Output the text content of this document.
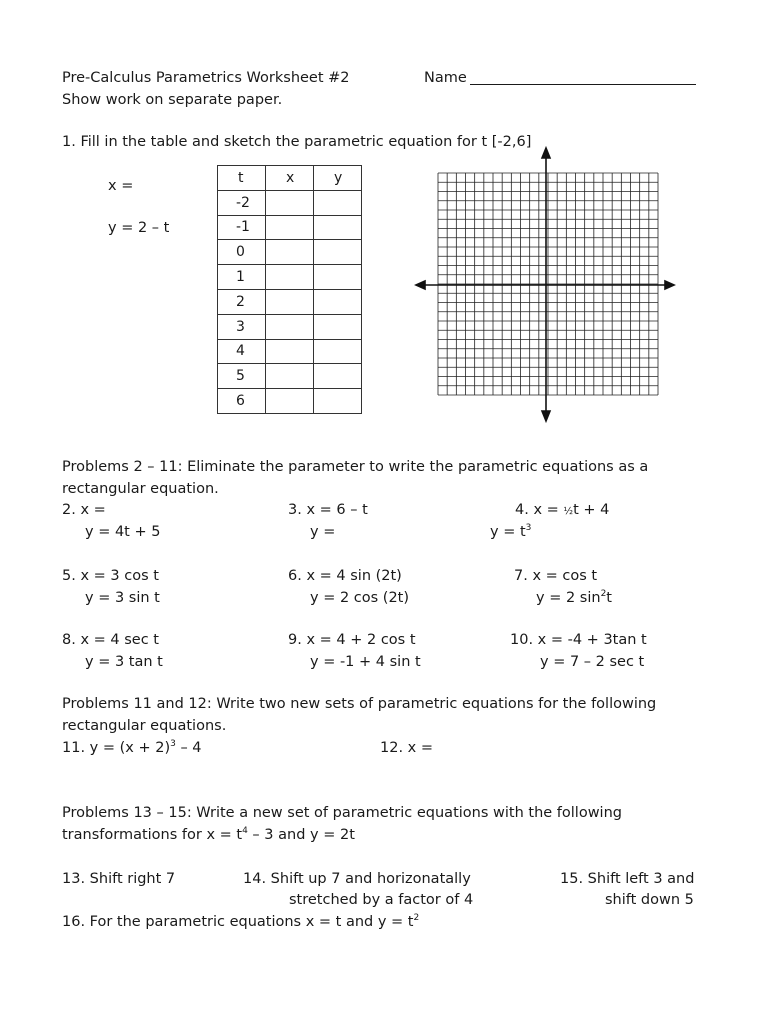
Pre-Calculus Parametrics Worksheet #2	Name
Show work on separate paper.
1. Fill in the table and sketch the parametric equation for t [-2,6]
x =
y = 2 – t
t	x	y
-2		
-1		
0		
1		
2		
3		
4		
5		
6		
Problems 2 – 11: Eliminate the parameter to write the parametric equations as a
rectangular equation.
2. x =
y = 4t + 5
3. x = 6 – t
y =
4. x = ½t + 4
$y = t^3$
5. x = 3 cos t
y = 3 sin t
6. x = 4 sin (2t)
y = 2 cos (2t)
7. x = cos t
y = 2 $\sin^2t$
8. x = 4 sec t
y = 3 tan t
9. x = 4 + 2 cos t
y = -1 + 4 sin t
10. x = -4 + 3tan t
y = 7 – 2 sec t
Problems 11 and 12: Write two new sets of parametric equations for the following
rectangular equations.
11. $y = (x + 2)^3 - 4$	12. x =
Problems 13 – 15: Write a new set of parametric equations with the following
transformations for $x = t^4 - 3$ and y = 2t
13. Shift right 7	14. Shift up 7 and horizonatally
stretched by a factor of 4
15. Shift left 3 and
shift down 5
16. For the parametric equations x = t and $y = t^2$
